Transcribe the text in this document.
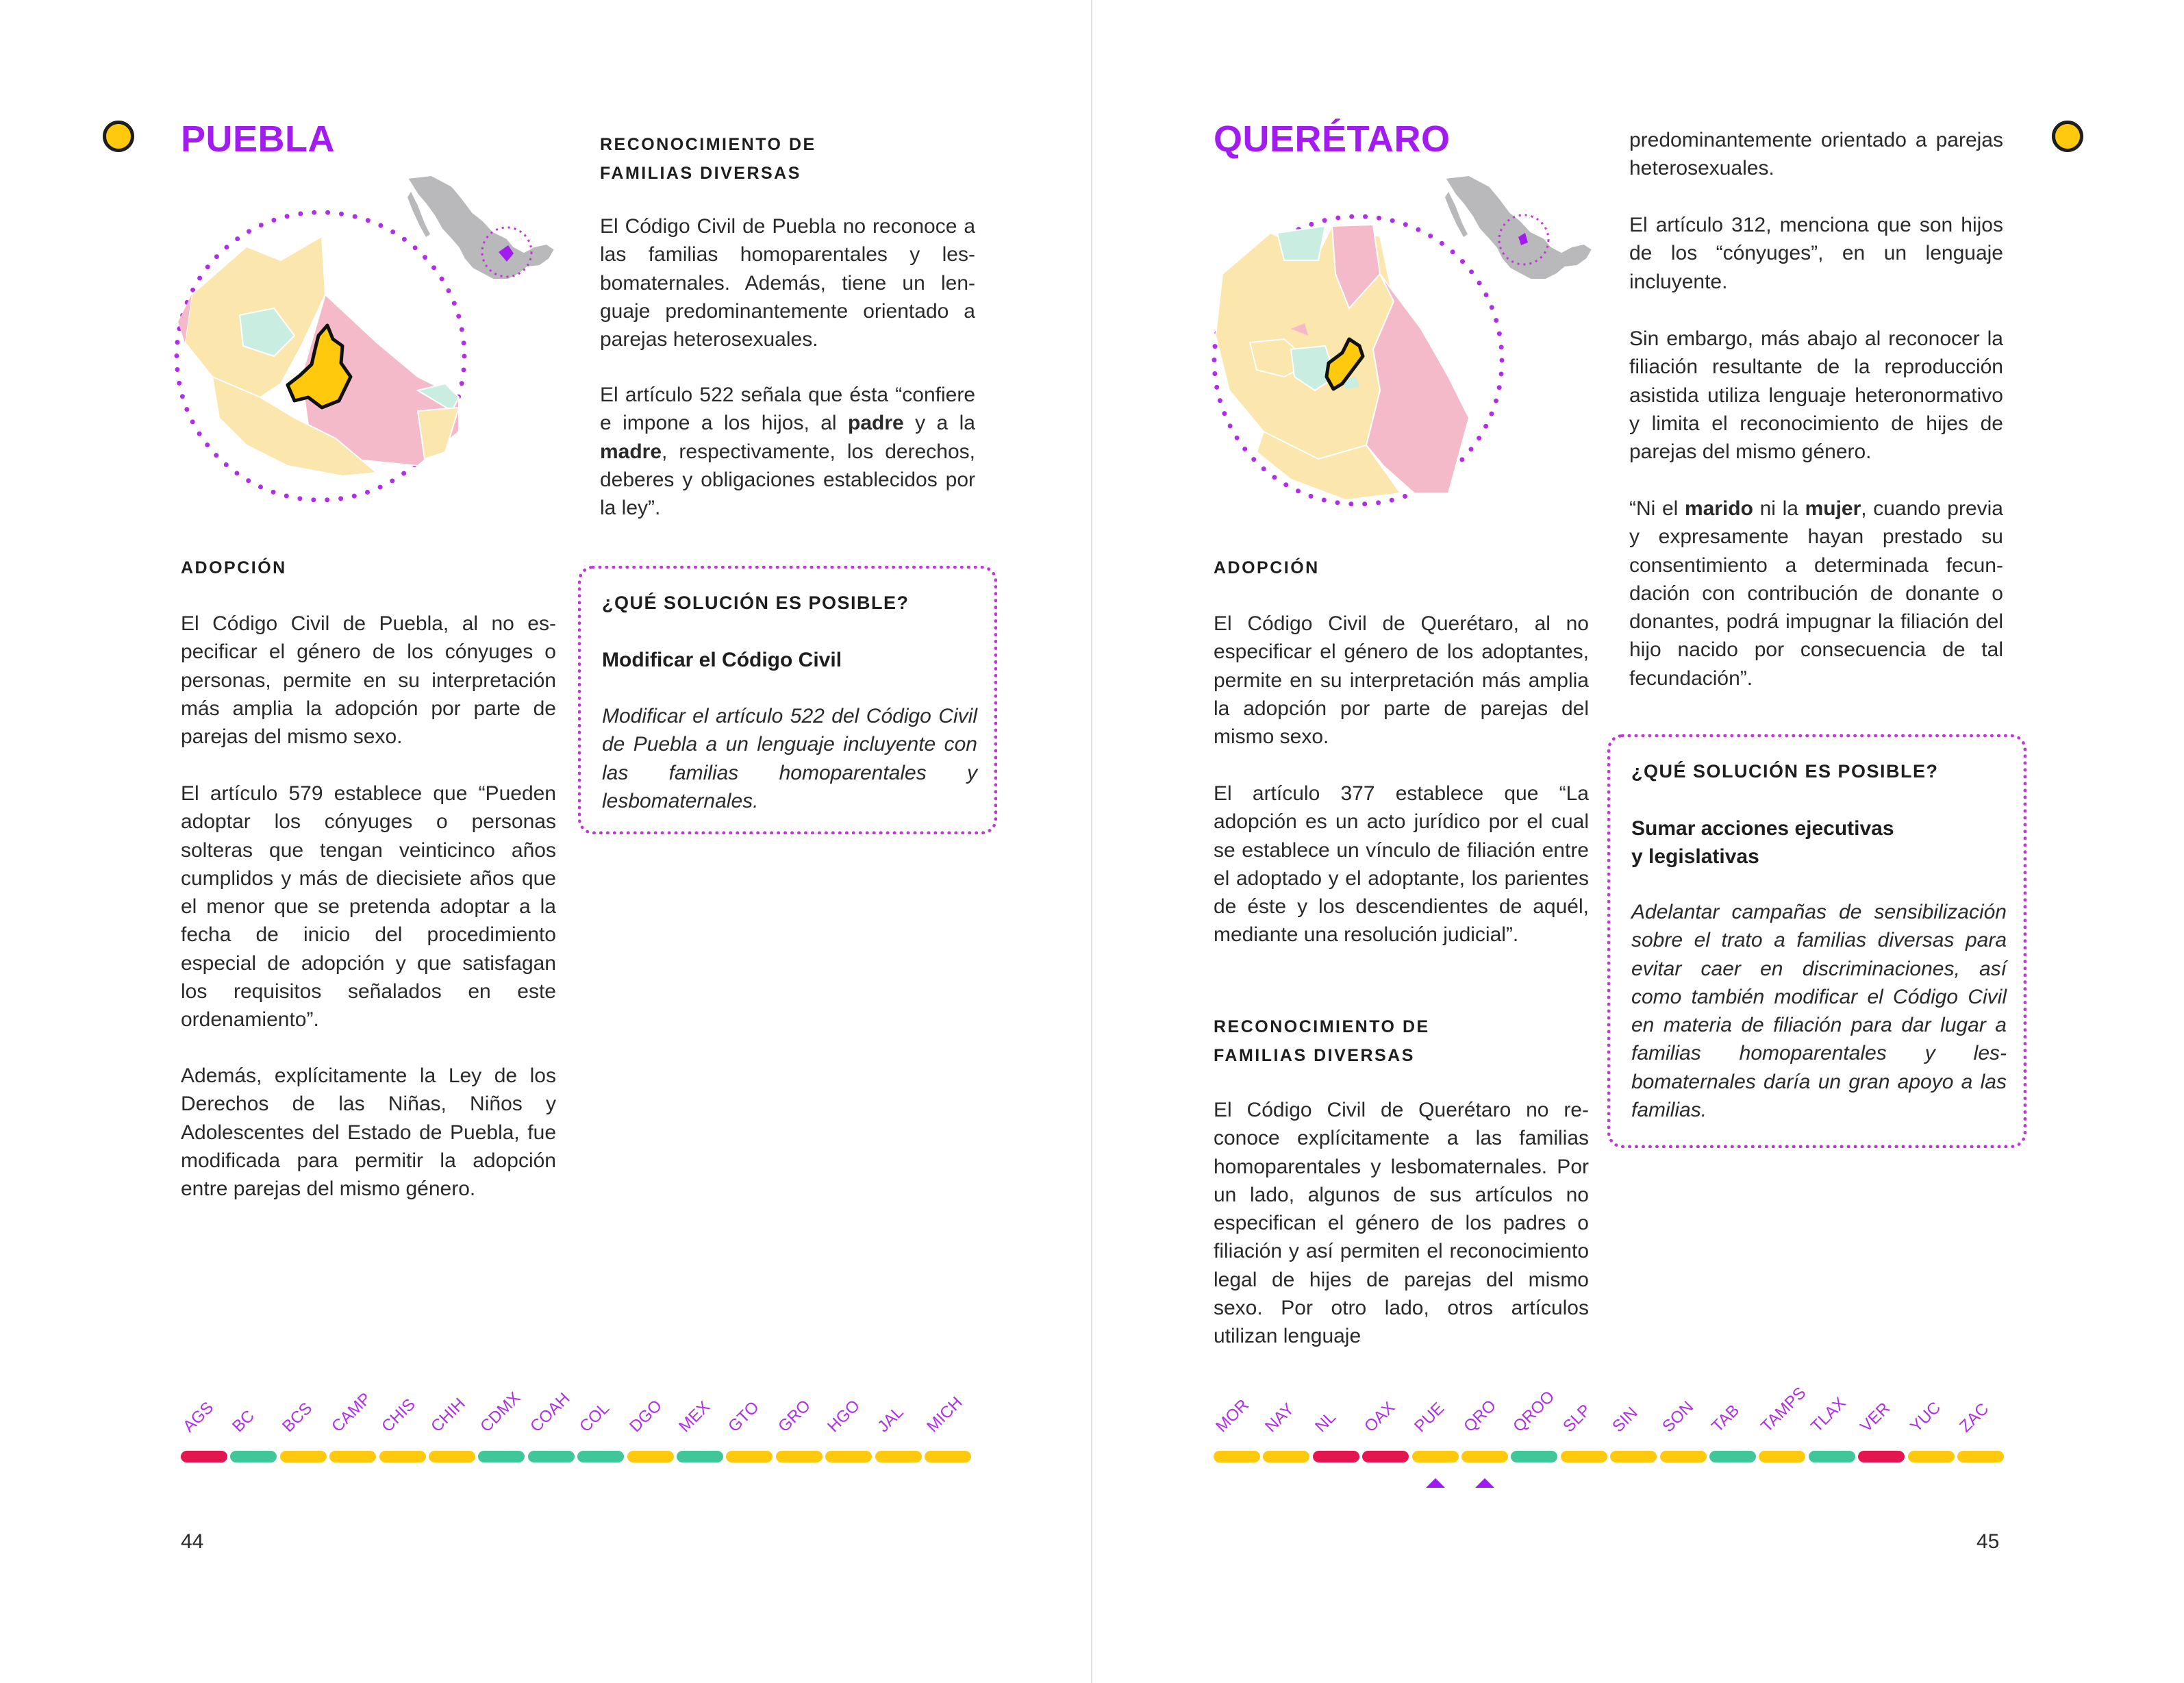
PUEBLA
ADOPCIÓN

El Código Civil de Puebla, al no especificar el género de los cónyuges o personas, permite en su interpretación más amplia la adopción por parte de parejas del mismo sexo.

El artículo 579 establece que “Pueden adoptar los cónyuges o personas solteras que tengan veinticinco años cumplidos y más de diecisiete años que el menor que se pretenda adoptar a la fecha de inicio del procedimiento especial de adopción y que satisfagan los requisitos señalados en este ordenamiento”.

Además, explícitamente la Ley de los Derechos de las Niñas, Niños y Adolescentes del Estado de Puebla, fue modificada para permitir la adopción entre parejas del mismo género.

RECONOCIMIENTO DE
FAMILIAS DIVERSAS

El Código Civil de Puebla no reconoce a las familias homoparentales y lesbomaternales. Además, tiene un lenguaje predominantemente orientado a parejas heterosexuales.

El artículo 522 señala que ésta “confiere e impone a los hijos, al padre y a la madre, respectivamente, los derechos, deberes y obligaciones establecidos por la ley”.

¿QUÉ SOLUCIÓN ES POSIBLE?

Modificar el Código Civil

Modificar el artículo 522 del Código Civil de Puebla a un lenguaje incluyente con las familias homoparentales y lesbomaternales.

AGS BC BCS CAMP CHIS CHIH CDMX COAH COL DGO MEX GTO GRO HGO JAL MICH
44
QUERÉTARO
ADOPCIÓN

El Código Civil de Querétaro, al no especificar el género de los adoptantes, permite en su interpretación más amplia la adopción por parte de parejas del mismo sexo.

El artículo 377 establece que “La adopción es un acto jurídico por el cual se establece un vínculo de filiación entre el adoptado y el adoptante, los parientes de éste y los descendientes de aquél, mediante una resolución judicial”.

RECONOCIMIENTO DE
FAMILIAS DIVERSAS

El Código Civil de Querétaro no reconoce explícitamente a las familias homoparentales y lesbomaternales. Por un lado, algunos de sus artículos no especifican el género de los padres o filiación y así permiten el reconocimiento legal de hijes de parejas del mismo sexo. Por otro lado, otros artículos utilizan lenguaje

predominantemente orientado a parejas heterosexuales.

El artículo 312, menciona que son hijos de los “cónyuges”, en un lenguaje incluyente.

Sin embargo, más abajo al reconocer la filiación resultante de la reproducción asistida utiliza lenguaje heteronormativo y limita el reconocimiento de hijes de parejas del mismo género.

“Ni el marido ni la mujer, cuando previa y expresamente hayan prestado su consentimiento a determinada fecundación con contribución de donante o donantes, podrá impugnar la filiación del hijo nacido por consecuencia de tal fecundación”.

¿QUÉ SOLUCIÓN ES POSIBLE?

Sumar acciones ejecutivas
y legislativas

Adelantar campañas de sensibilización sobre el trato a familias diversas para evitar caer en discriminaciones, así como también modificar el Código Civil en materia de filiación para dar lugar a familias homoparentales y lesbomaternales daría un gran apoyo a las familias.

MOR NAY NL OAX PUE QRO QROO SLP SIN SON TAB TAMPS
TLAX VER YUC ZAC
45
